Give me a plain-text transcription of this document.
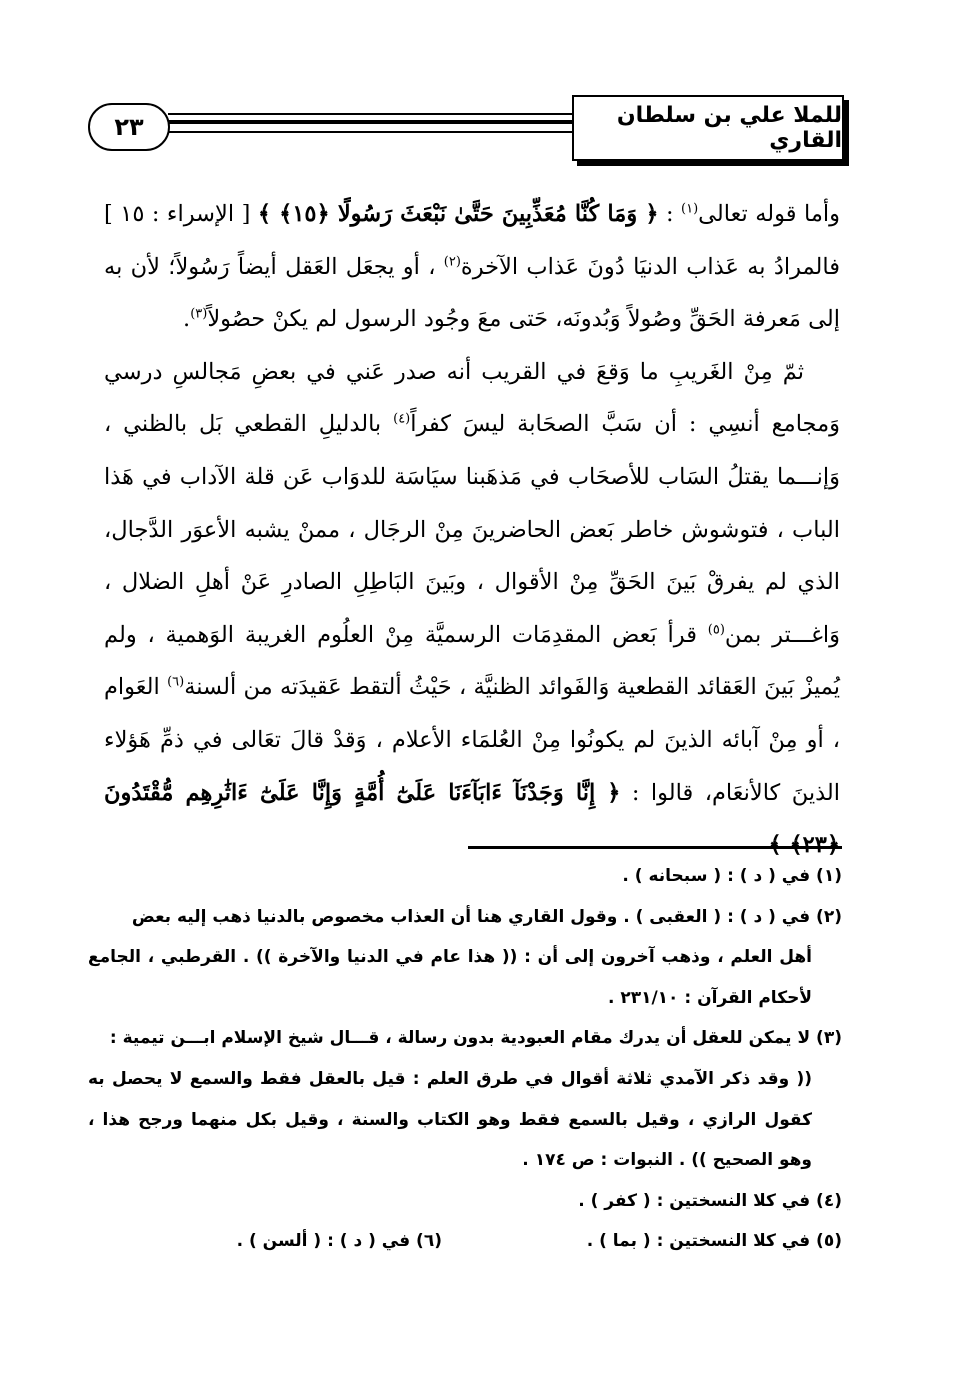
٢٣	للملا علي بن سلطان القاري

وأما قوله تعالى$^{(١)}$ : ﴿ وَمَا كُنَّا مُعَذِّبِينَ حَتَّىٰ نَبْعَثَ رَسُولًا ﴿١٥﴾ ﴾ [ الإسراء : ١٥ ] فالمرادُ به عَذاب الدنيَا دُونَ عَذاب الآخرة$^{(٢)}$ ، أو يجعَل العَقل أيضاً رَسُولاً؛ لأن به إلى مَعرفة الحَقِّ وصُولاً وَبُدونَه، حَتى معَ وجُود الرسول لم يكنْ حصُولاً$^{(٣)}$.

ثمّ مِنْ الغَريبِ ما وَقعَ في القريب أنه صدر عَني في بعضِ مَجالسِ درسي وَمجامع أنسِي : أن سَبَّ الصحَابة ليسَ كفراً$^{(٤)}$ بالدليلِ القطعي بَل بالظني ، وَإنـــما يقتلُ السَاب للأصحَاب في مَذهَبنا سيَاسَة للدوَاب عَن قلة الآداب في هَذا الباب ، فتوشوش خاطر بَعض الحاضرينَ مِنْ الرجَال ، ممنْ يشبه الأعوَر الدَّجال، الذي لم يفرقْ بَينَ الحَقِّ مِنْ الأقوال ، وبَينَ البَاطِلِ الصادرِ عَنْ أهلِ الضلال ، وَاغـــتر بمن$^{(٥)}$ قرأ بَعض المقدِمَات الرسميَّة مِنْ العلُوم الغريبة الوَهمية ، ولم يُميزْ بَينَ العَقائد القطعية وَالفَوائد الظنيَّة ، حَيْثُ ألتقط عَقيدَته من ألسنة$^{(٦)}$ العَوام ، أو مِنْ آبائه الذينَ لم يكونُوا مِنْ العُلمَاء الأعلام ، وَقدْ قالَ تعَالى في ذمِّ هَؤلاء الذينَ كالأنعَام، قالوا : ﴿ إِنَّا وَجَدْنَآ ءَابَآءَنَا عَلَىٰٓ أُمَّةٍ وَإِنَّا عَلَىٰٓ ءَاثَٰرِهِم مُّقْتَدُونَ ﴿٢٣﴾ ﴾

(١) في ( د ) : ( سبحانه ) .

(٢) في ( د ) : ( العقبى ) . وقول القاري هنا أن العذاب مخصوص بالدنيا ذهب إليه بعض

أهل العلم ، وذهب آخرون إلى أن : (( هذا عام في الدنيا والآخرة )) . القرطبي ، الجامع لأحكام القرآن : ٢٣١/١٠ .

(٣) لا يمكن للعقل أن يدرك مقام العبودية بدون رسالة ، قـــال شيخ الإسلام ابـــن تيمية :

(( وقد ذكر الآمدي ثلاثة أقوال في طرق العلم : قيل بالعقل فقط والسمع لا يحصل به كقول الرازي ، وقيل بالسمع فقط وهو الكتاب والسنة ، وقيل بكل منهما ورجح هذا ، وهو الصحيح )) . النبوات : ص ١٧٤ .

(٤) في كلا النسختين : ( كفر ) .

(٥) في كلا النسختين : ( بما ) .
(٦) في ( د ) : ( ألسن ) .
